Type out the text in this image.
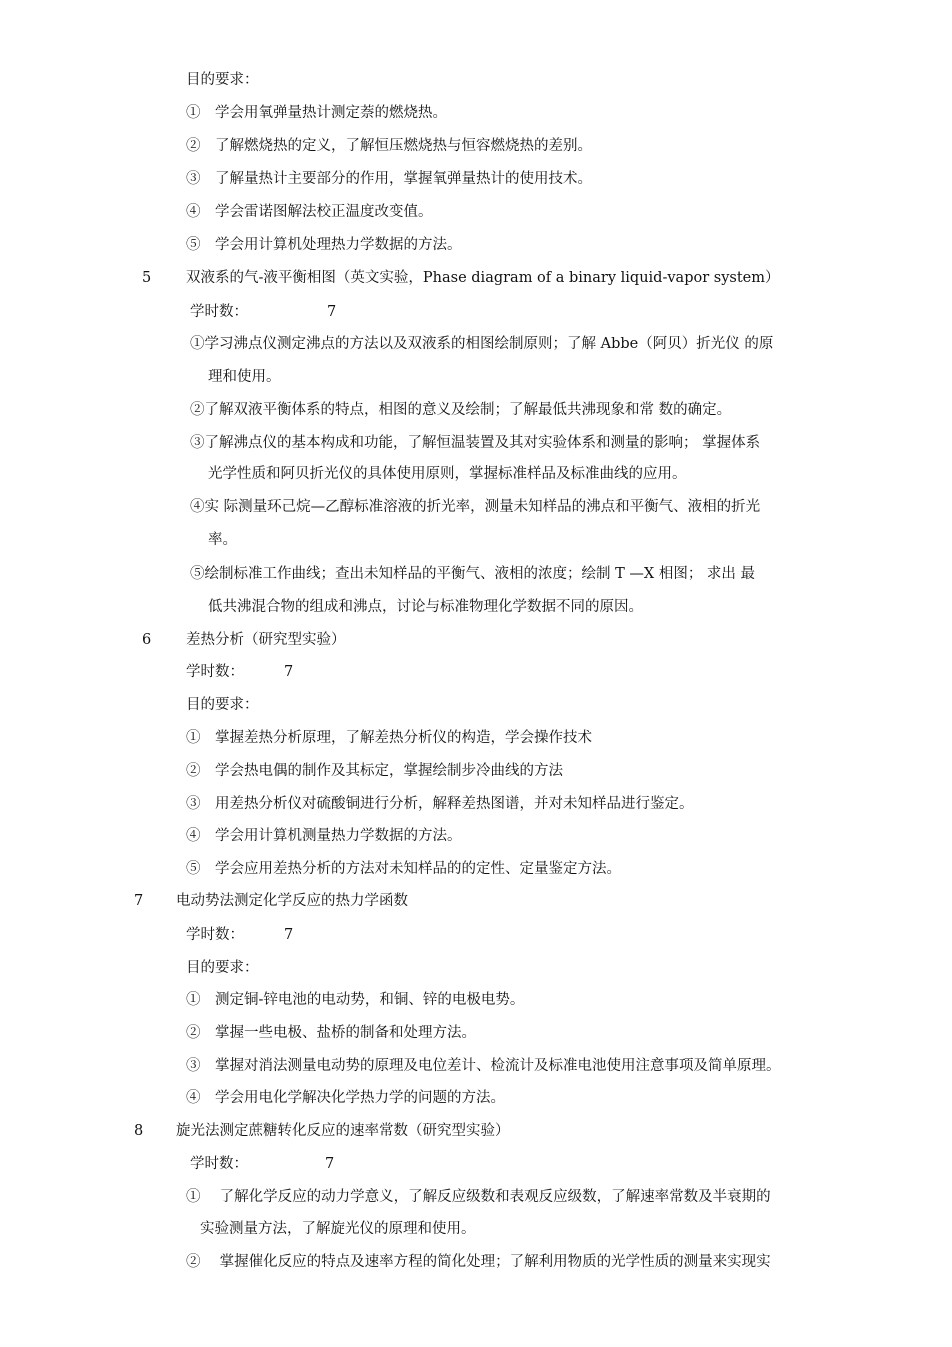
目的要求：
①　学会用氧弹量热计测定萘的燃烧热。
②　了解燃烧热的定义，了解恒压燃烧热与恒容燃烧热的差别。
③　了解量热计主要部分的作用，掌握氧弹量热计的使用技术。
④　学会雷诺图解法校正温度改变值。
⑤　学会用计算机处理热力学数据的方法。
5 双液系的气-液平衡相图（英文实验，Phase diagram of a binary liquid-vapor system）
学时数：	7
①学习沸点仪测定沸点的方法以及双液系的相图绘制原则；了解 Abbe（阿贝）折光仪 的原
理和使用。
②了解双液平衡体系的特点，相图的意义及绘制；了解最低共沸现象和常 数的确定。
③了解沸点仪的基本构成和功能，了解恒温装置及其对实验体系和测量的影响； 掌握体系
光学性质和阿贝折光仪的具体使用原则，掌握标准样品及标准曲线的应用。
④实 际测量环己烷—乙醇标准溶液的折光率，测量未知样品的沸点和平衡气、液相的折光
率。
⑤绘制标准工作曲线；查出未知样品的平衡气、液相的浓度；绘制 T —X 相图； 求出 最
低共沸混合物的组成和沸点，讨论与标准物理化学数据不同的原因。
6 差热分析（研究型实验）
学时数：	7
目的要求：
①　掌握差热分析原理，了解差热分析仪的构造，学会操作技术
②　学会热电偶的制作及其标定，掌握绘制步冷曲线的方法
③　用差热分析仪对硫酸铜进行分析，解释差热图谱，并对未知样品进行鉴定。
④　学会用计算机测量热力学数据的方法。
⑤　学会应用差热分析的方法对未知样品的的定性、定量鉴定方法。
7 电动势法测定化学反应的热力学函数
学时数：	7
目的要求：
①　测定铜-锌电池的电动势，和铜、锌的电极电势。
②　掌握一些电极、盐桥的制备和处理方法。
③　掌握对消法测量电动势的原理及电位差计、检流计及标准电池使用注意事项及简单原理。
④　学会用电化学解决化学热力学的问题的方法。
8 旋光法测定蔗糖转化反应的速率常数（研究型实验）
学时数：	7
①　 了解化学反应的动力学意义，了解反应级数和表观反应级数，了解速率常数及半衰期的
实验测量方法，了解旋光仪的原理和使用。
②　 掌握催化反应的特点及速率方程的简化处理；了解利用物质的光学性质的测量来实现实
